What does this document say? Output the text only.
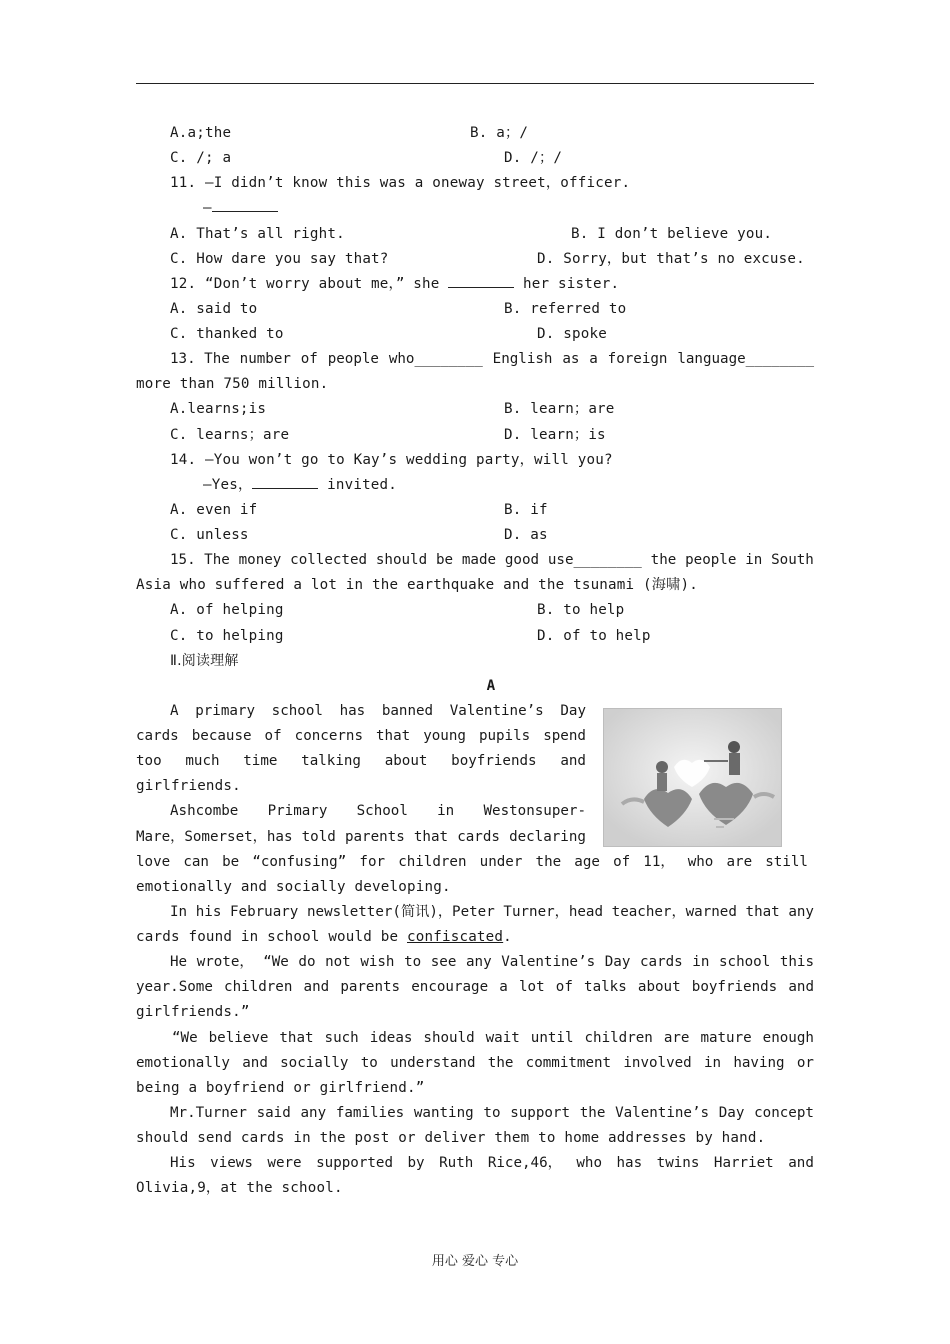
A.a;the	B. a；/
C. /; a	D. /；/
11. —I didn’t know this was a oneway street，officer.
—
A. That’s all right.	B. I don’t believe you.
C. How dare you say that?	D. Sorry，but that’s no excuse.
12. “Don’t worry about me，” she	her sister.
A. said to	B. referred to
C. thanked to	D. spoke
13. The number of people who________ English as a foreign language________
more than 750 million.
A.learns;is	B. learn；are
C. learns；are	D. learn；is
14. —You won’t go to Kay’s wedding party，will you?
—Yes，	invited.
A. even if	B. if
C. unless	D. as
15. The money collected should be made good use________ the people in South
Asia who suffered a lot in the earthquake and the tsunami (海啸).
A. of helping	B. to help
C. to helping	D. of to help
Ⅱ.阅读理解
A
A primary school has banned Valentine’s Day
cards because of concerns that young pupils spend
too much time talking about boyfriends and
girlfriends.
Ashcombe Primary School in Westonsuper-
Mare，Somerset，has told parents that cards declaring
love can be “confusing” for children under the age of 11， who are still
emotionally and socially developing.
In his February newsletter(简讯)，Peter Turner，head teacher，warned that any
cards found in school would be confiscated.
He wrote， “We do not wish to see any Valentine’s Day cards in school this
year.Some children and parents encourage a lot of talks about boyfriends and
girlfriends.”
“We believe that such ideas should wait until children are mature enough
emotionally and socially to understand the commitment involved in having or
being a boyfriend or girlfriend.”
Mr.Turner said any families wanting to support the Valentine’s Day concept
should send cards in the post or deliver them to home addresses by hand.
His views were supported by Ruth Rice,46， who has twins Harriet and
Olivia,9，at the school.
用心 爱心 专心
